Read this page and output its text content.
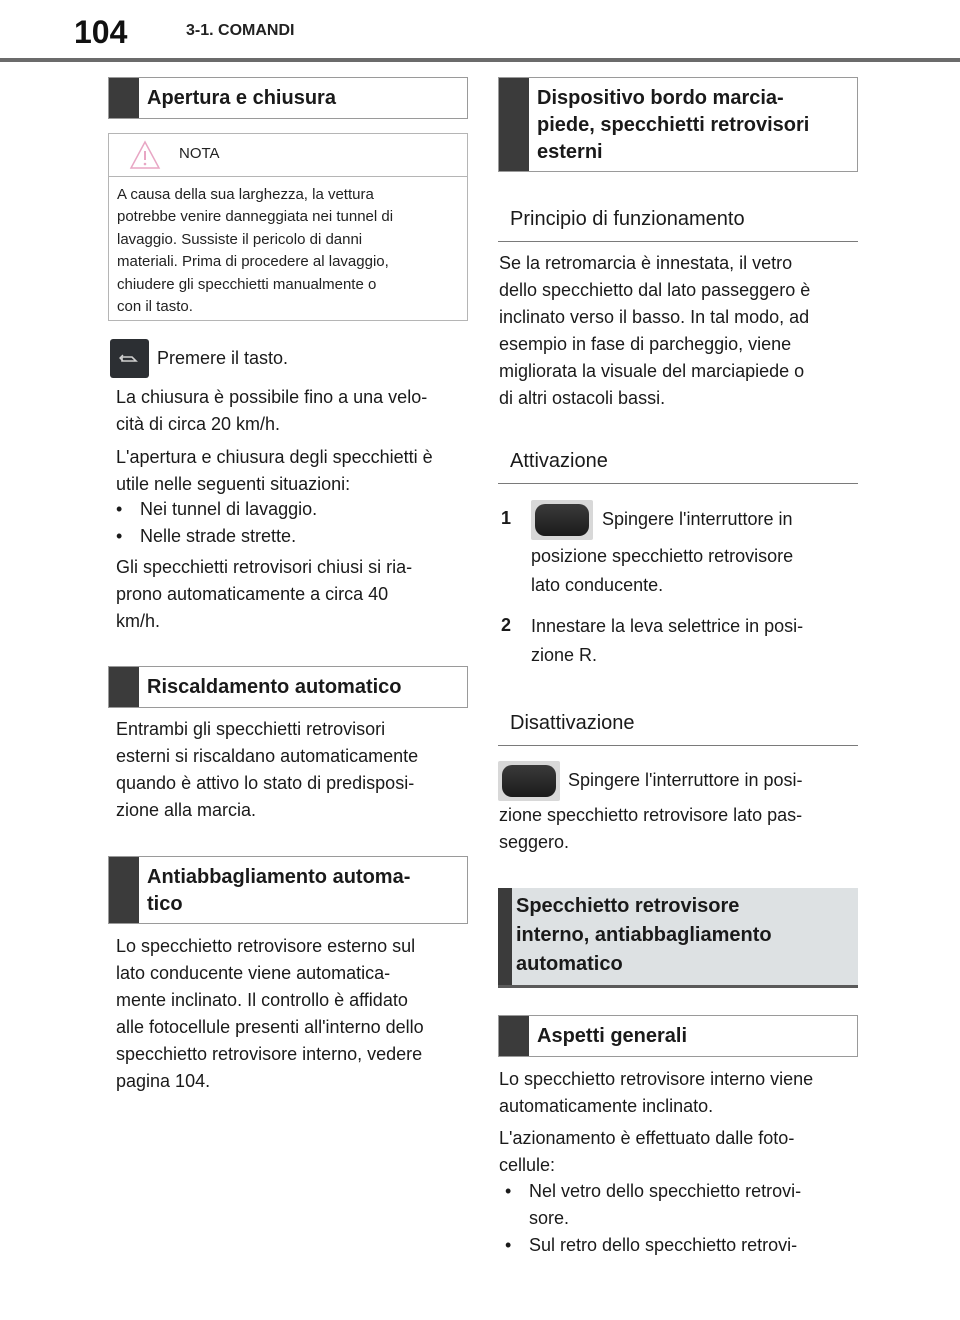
104	3-1. COMANDI
Apertura e chiusura
NOTA
A causa della sua larghezza, la vettura
potrebbe venire danneggiata nei tunnel di
lavaggio. Sussiste il pericolo di danni
materiali. Prima di procedere al lavaggio,
chiudere gli specchietti manualmente o
con il tasto.
Premere il tasto.
La chiusura è possibile fino a una velo-
cità di circa 20 km/h.
L'apertura e chiusura degli specchietti è
utile nelle seguenti situazioni:
• Nei tunnel di lavaggio.
• Nelle strade strette.
Gli specchietti retrovisori chiusi si ria-
prono automaticamente a circa 40
km/h.
Riscaldamento automatico
Entrambi gli specchietti retrovisori
esterni si riscaldano automaticamente
quando è attivo lo stato di predisposi-
zione alla marcia.
Antiabbagliamento automa-
tico
Lo specchietto retrovisore esterno sul
lato conducente viene automatica-
mente inclinato. Il controllo è affidato
alle fotocellule presenti all'interno dello
specchietto retrovisore interno, vedere
pagina 104.
Dispositivo bordo marcia-
piede, specchietti retrovisori
esterni
Principio di funzionamento
Se la retromarcia è innestata, il vetro
dello specchietto dal lato passeggero è
inclinato verso il basso. In tal modo, ad
esempio in fase di parcheggio, viene
migliorata la visuale del marciapiede o
di altri ostacoli bassi.
Attivazione
1	Spingere l'interruttore in
posizione specchietto retrovisore
lato conducente.
2 Innestare la leva selettrice in posi-
zione R.
Disattivazione
Spingere l'interruttore in posi-
zione specchietto retrovisore lato pas-
seggero.
Specchietto retrovisore
interno, antiabbagliamento
automatico
Aspetti generali
Lo specchietto retrovisore interno viene
automaticamente inclinato.
L'azionamento è effettuato dalle foto-
cellule:
• Nel vetro dello specchietto retrovi-
sore.
• Sul retro dello specchietto retrovi-
